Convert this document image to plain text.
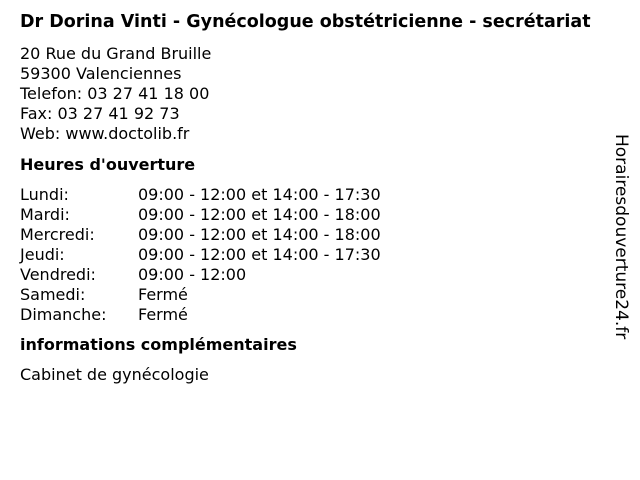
Dr Dorina Vinti - Gynécologue obstétricienne - secrétariat
20 Rue du Grand Bruille
59300 Valenciennes
Telefon: 03 27 41 18 00
Fax: 03 27 41 92 73
Web: www.doctolib.fr
Heures d'ouverture
Lundi:	09:00 - 12:00 et 14:00 - 17:30
Mardi:	09:00 - 12:00 et 14:00 - 18:00
Mercredi:	09:00 - 12:00 et 14:00 - 18:00
Jeudi:	09:00 - 12:00 et 14:00 - 17:30
Vendredi:	09:00 - 12:00
Samedi:	Fermé
Dimanche:	Fermé
informations complémentaires
Cabinet de gynécologie
Horairesdouverture24.fr
